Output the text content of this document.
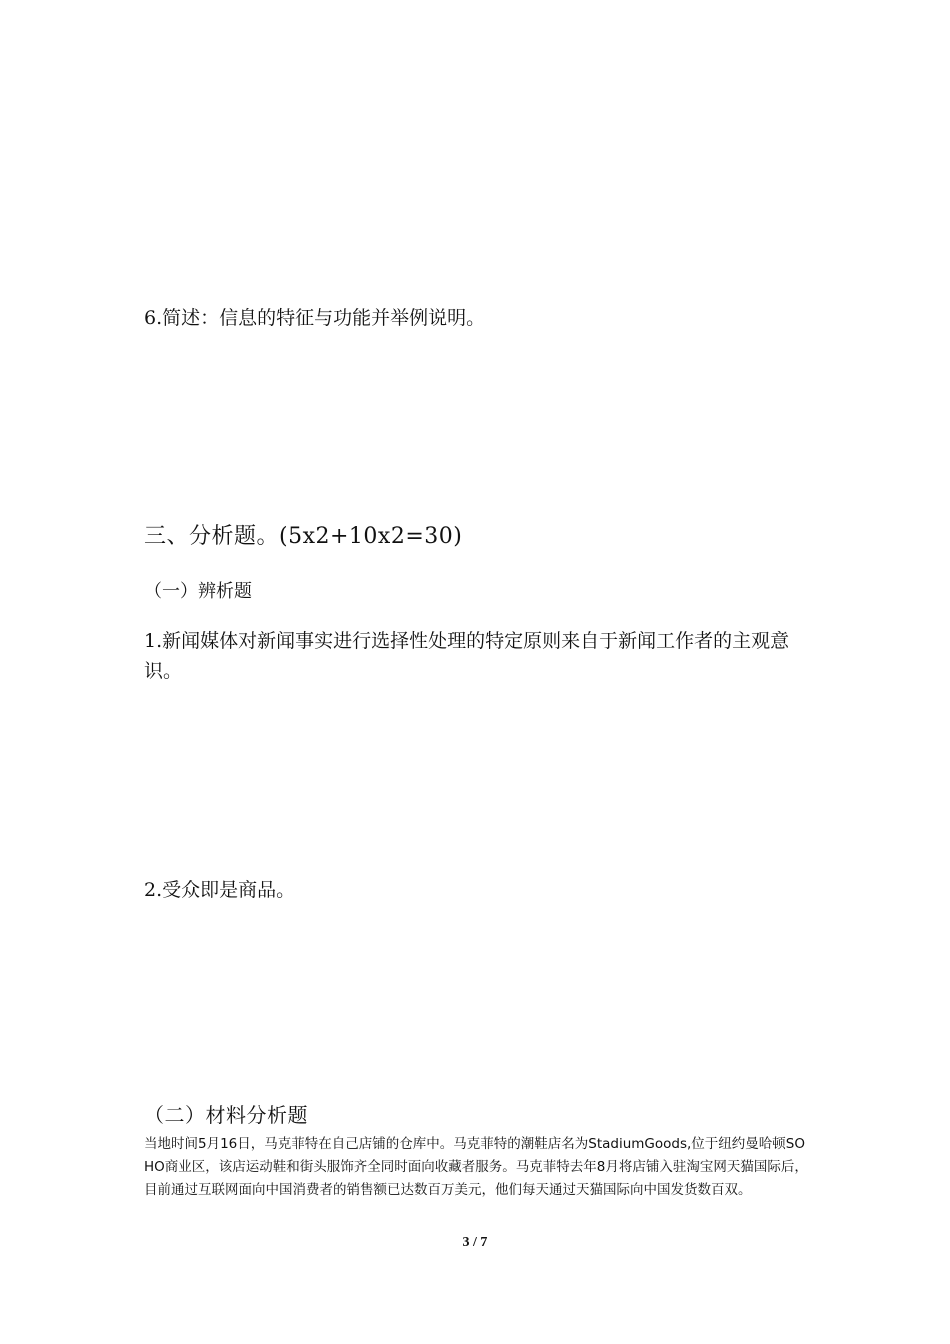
6.简述：信息的特征与功能并举例说明。
三、分析题。(5x2+10x2=30)
（一）辨析题
1.新闻媒体对新闻事实进行选择性处理的特定原则来自于新闻工作者的主观意识。
2.受众即是商品。
（二）材料分析题
当地时间5月16日，马克菲特在自己店铺的仓库中。马克菲特的潮鞋店名为StadiumGoods,位于纽约曼哈顿SOHO商业区，该店运动鞋和街头服饰齐全同时面向收藏者服务。马克菲特去年8月将店铺入驻淘宝网天猫国际后，目前通过互联网面向中国消费者的销售额已达数百万美元，他们每天通过天猫国际向中国发货数百双。
3 / 7
